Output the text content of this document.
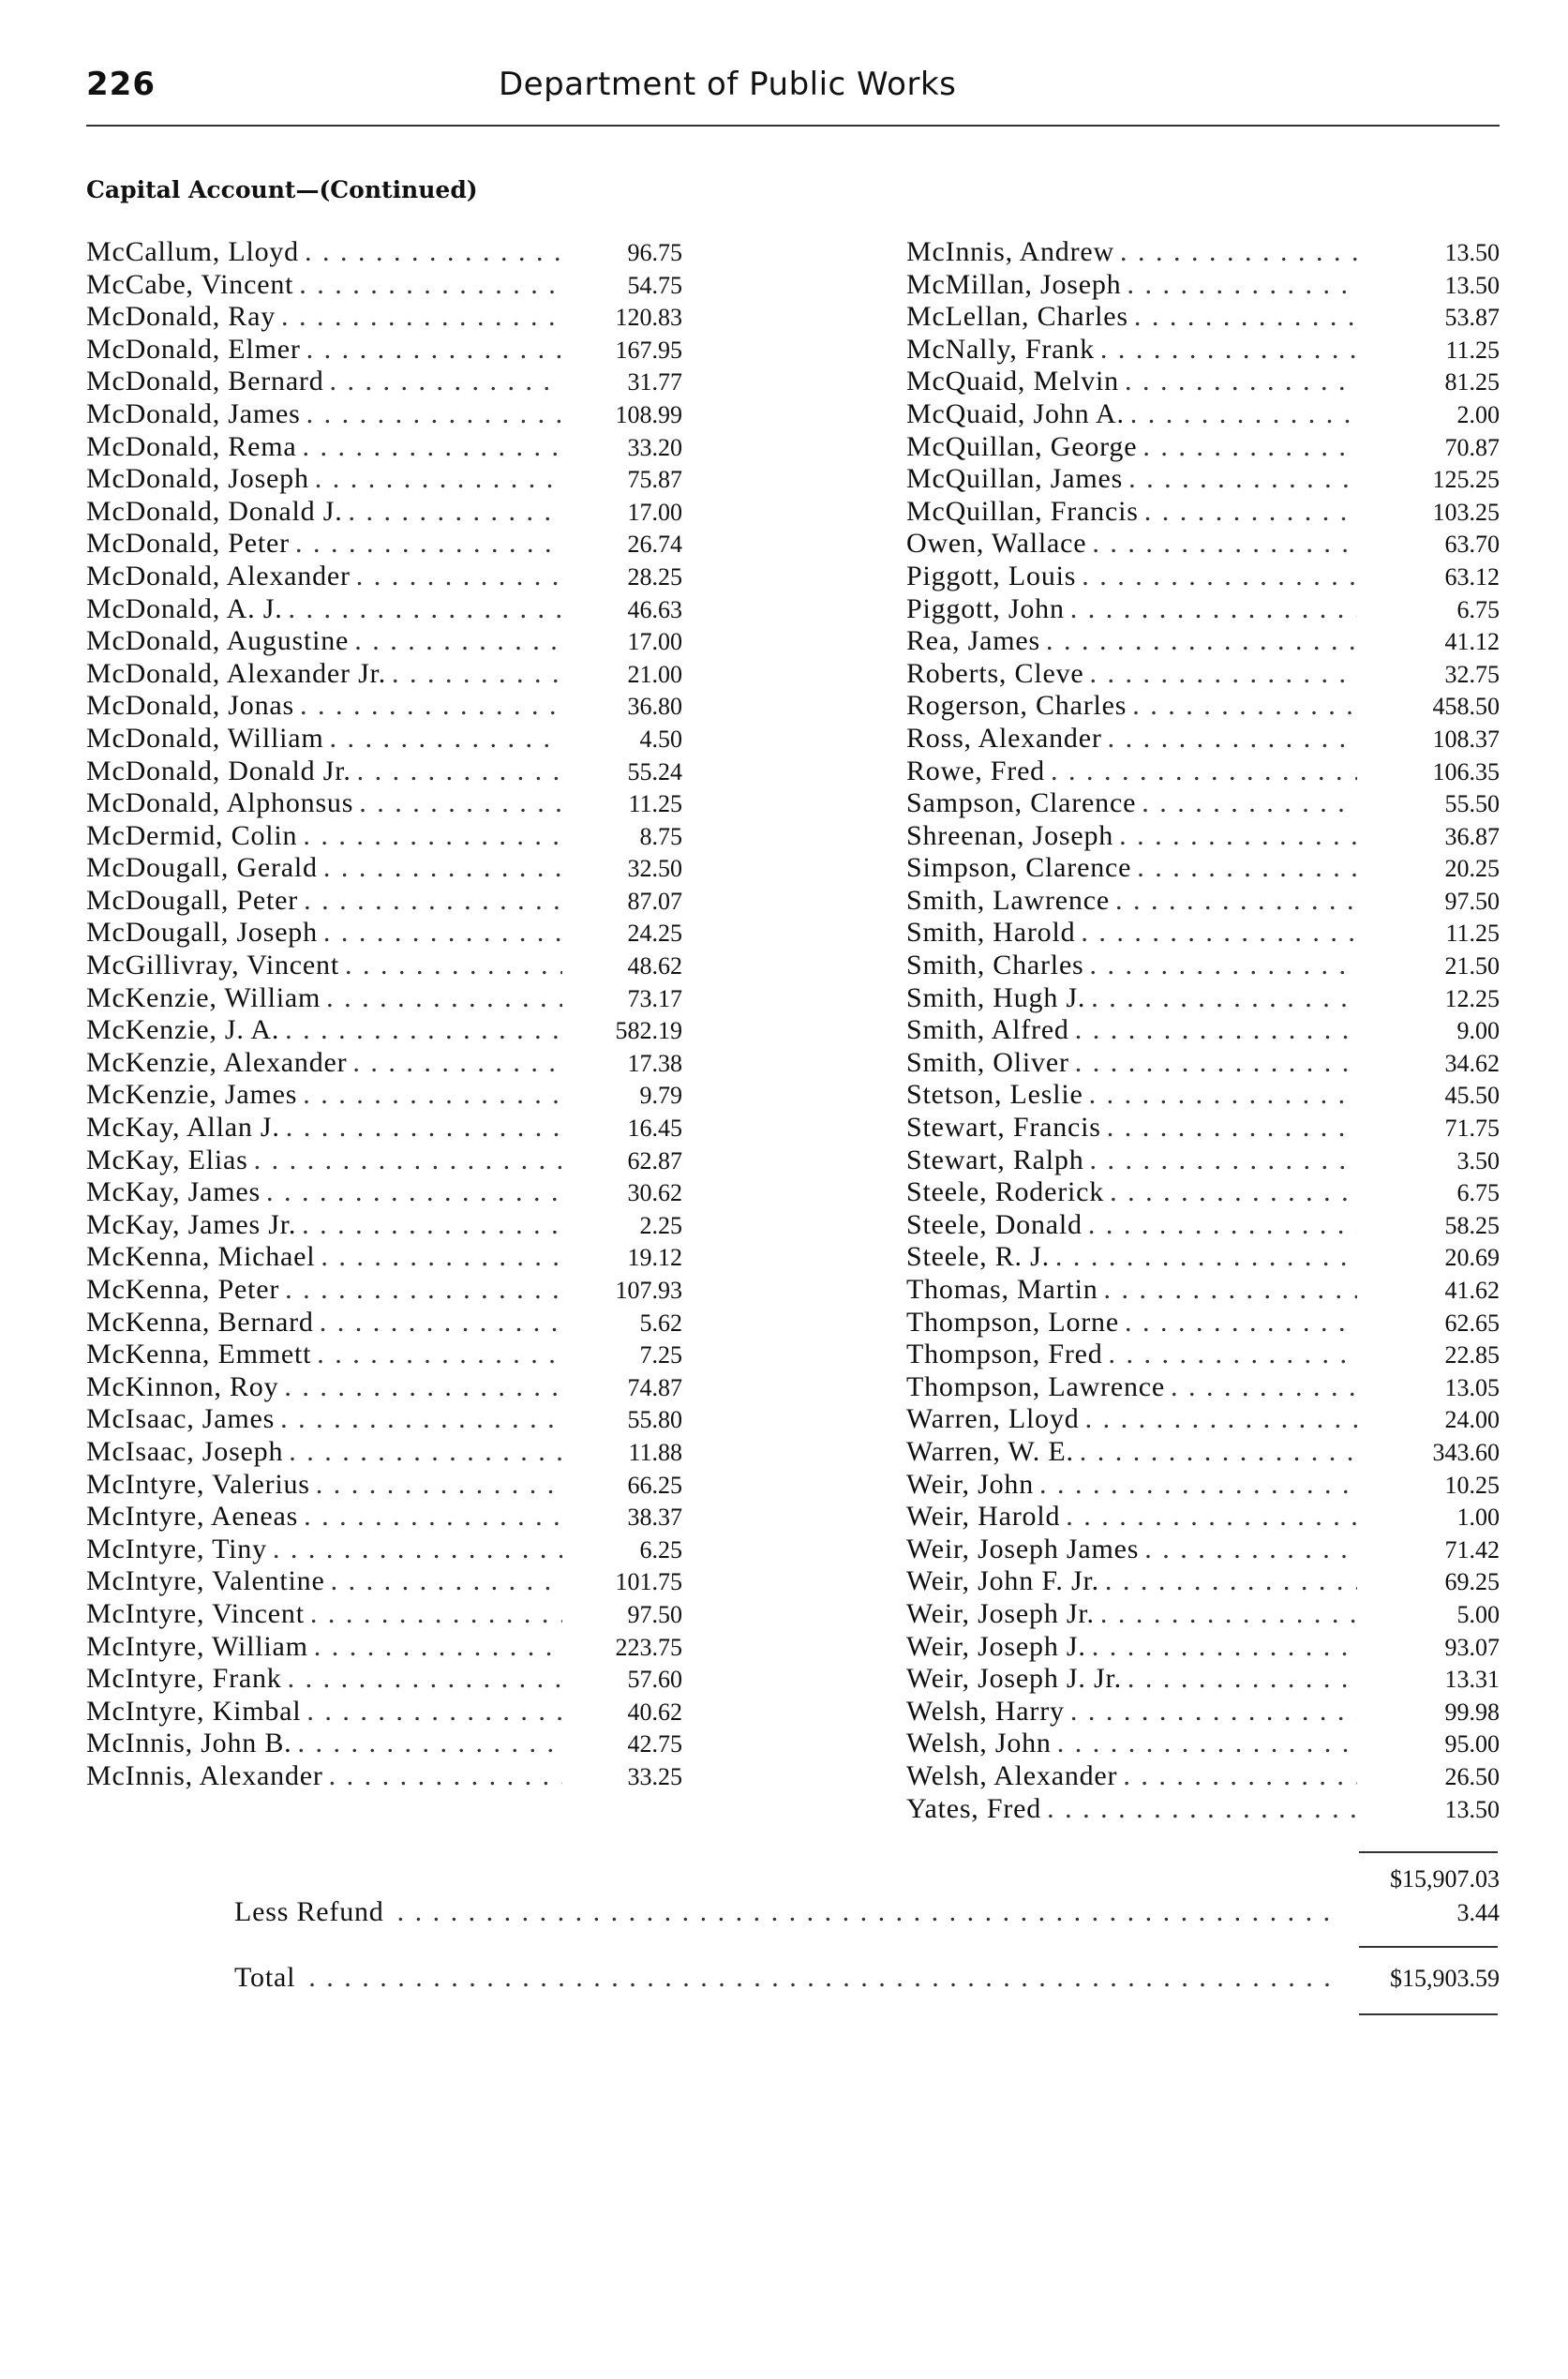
226	Department of Public Works
Capital Account—(Continued)
McCallum, Lloyd . . .	96.75
McCabe, Vincent . . .	54.75
McDonald, Ray . . .	120.83
McDonald, Elmer . . .	167.95
McDonald, Bernard . . .	31.77
McDonald, James . . .	108.99
McDonald, Rema . . .	33.20
McDonald, Joseph . . .	75.87
McDonald, Donald J. . . .	17.00
McDonald, Peter . . .	26.74
McDonald, Alexander . . .	28.25
McDonald, A. J. . . .	46.63
McDonald, Augustine . . .	17.00
McDonald, Alexander Jr. . . .	21.00
McDonald, Jonas . . .	36.80
McDonald, William . . .	4.50
McDonald, Donald Jr. . . .	55.24
McDonald, Alphonsus . . .	11.25
McDermid, Colin . . .	8.75
McDougall, Gerald . . .	32.50
McDougall, Peter . . .	87.07
McDougall, Joseph . . .	24.25
McGillivray, Vincent . . .	48.62
McKenzie, William . . .	73.17
McKenzie, J. A. . . .	582.19
McKenzie, Alexander . . .	17.38
McKenzie, James . . .	9.79
McKay, Allan J. . . .	16.45
McKay, Elias . . .	62.87
McKay, James . . .	30.62
McKay, James Jr. . . .	2.25
McKenna, Michael . . .	19.12
McKenna, Peter . . .	107.93
McKenna, Bernard . . .	5.62
McKenna, Emmett . . .	7.25
McKinnon, Roy . . .	74.87
McIsaac, James . . .	55.80
McIsaac, Joseph . . .	11.88
McIntyre, Valerius . . .	66.25
McIntyre, Aeneas . . .	38.37
McIntyre, Tiny . . .	6.25
McIntyre, Valentine . . .	101.75
McIntyre, Vincent . . .	97.50
McIntyre, William . . .	223.75
McIntyre, Frank . . .	57.60
McIntyre, Kimbal . . .	40.62
McInnis, John B. . . .	42.75
McInnis, Alexander . . .	33.25
McInnis, Andrew . . .	13.50
McMillan, Joseph . . .	13.50
McLellan, Charles . . .	53.87
McNally, Frank . . .	11.25
McQuaid, Melvin . . .	81.25
McQuaid, John A. . . .	2.00
McQuillan, George . . .	70.87
McQuillan, James . . .	125.25
McQuillan, Francis . . .	103.25
Owen, Wallace . . .	63.70
Piggott, Louis . . .	63.12
Piggott, John . . .	6.75
Rea, James . . .	41.12
Roberts, Cleve . . .	32.75
Rogerson, Charles . . .	458.50
Ross, Alexander . . .	108.37
Rowe, Fred . . .	106.35
Sampson, Clarence . . .	55.50
Shreenan, Joseph . . .	36.87
Simpson, Clarence . . .	20.25
Smith, Lawrence . . .	97.50
Smith, Harold . . .	11.25
Smith, Charles . . .	21.50
Smith, Hugh J. . . .	12.25
Smith, Alfred . . .	9.00
Smith, Oliver . . .	34.62
Stetson, Leslie . . .	45.50
Stewart, Francis . . .	71.75
Stewart, Ralph . . .	3.50
Steele, Roderick . . .	6.75
Steele, Donald . . .	58.25
Steele, R. J. . . .	20.69
Thomas, Martin . . .	41.62
Thompson, Lorne . . .	62.65
Thompson, Fred . . .	22.85
Thompson, Lawrence . . .	13.05
Warren, Lloyd . . .	24.00
Warren, W. E. . . .	343.60
Weir, John . . .	10.25
Weir, Harold . . .	1.00
Weir, Joseph James . . .	71.42
Weir, John F. Jr. . . .	69.25
Weir, Joseph Jr. . . .	5.00
Weir, Joseph J. . . .	93.07
Weir, Joseph J. Jr. . . .	13.31
Welsh, Harry . . .	99.98
Welsh, John . . .	95.00
Welsh, Alexander . . .	26.50
Yates, Fred . . .	13.50
$15,907.03
Less Refund . . .	3.44
Total . . .	$15,903.59
